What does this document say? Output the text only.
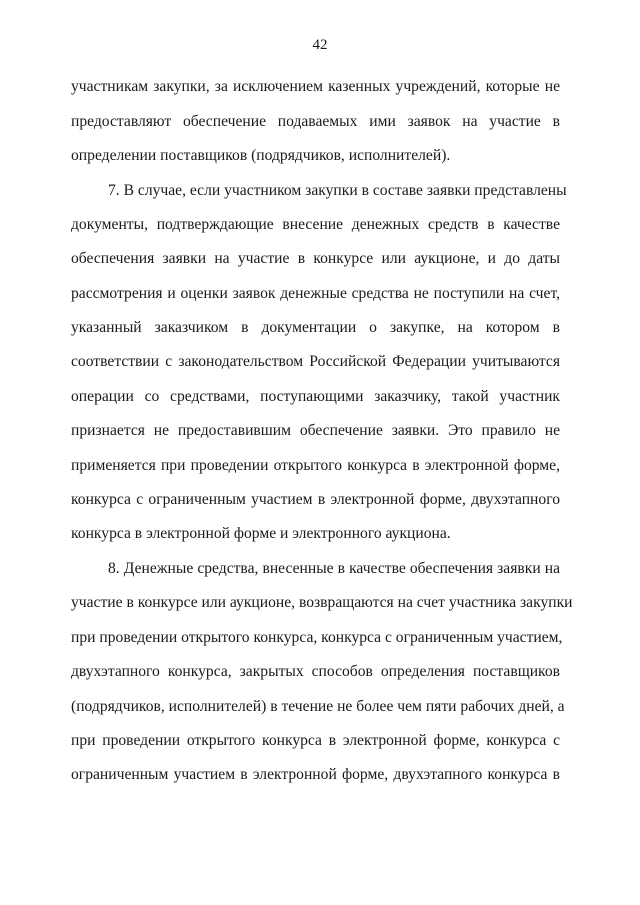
42
участникам закупки, за исключением казенных учреждений, которые не
предоставляют обеспечение подаваемых ими заявок на участие в
определении поставщиков (подрядчиков, исполнителей).
7. В случае, если участником закупки в составе заявки представлены
документы, подтверждающие внесение денежных средств в качестве
обеспечения заявки на участие в конкурсе или аукционе, и до даты
рассмотрения и оценки заявок денежные средства не поступили на счет,
указанный заказчиком в документации о закупке, на котором в
соответствии с законодательством Российской Федерации учитываются
операции со средствами, поступающими заказчику, такой участник
признается не предоставившим обеспечение заявки. Это правило не
применяется при проведении открытого конкурса в электронной форме,
конкурса с ограниченным участием в электронной форме, двухэтапного
конкурса в электронной форме и электронного аукциона.
8. Денежные средства, внесенные в качестве обеспечения заявки на
участие в конкурсе или аукционе, возвращаются на счет участника закупки
при проведении открытого конкурса, конкурса с ограниченным участием,
двухэтапного конкурса, закрытых способов определения поставщиков
(подрядчиков, исполнителей) в течение не более чем пяти рабочих дней, а
при проведении открытого конкурса в электронной форме, конкурса с
ограниченным участием в электронной форме, двухэтапного конкурса в
